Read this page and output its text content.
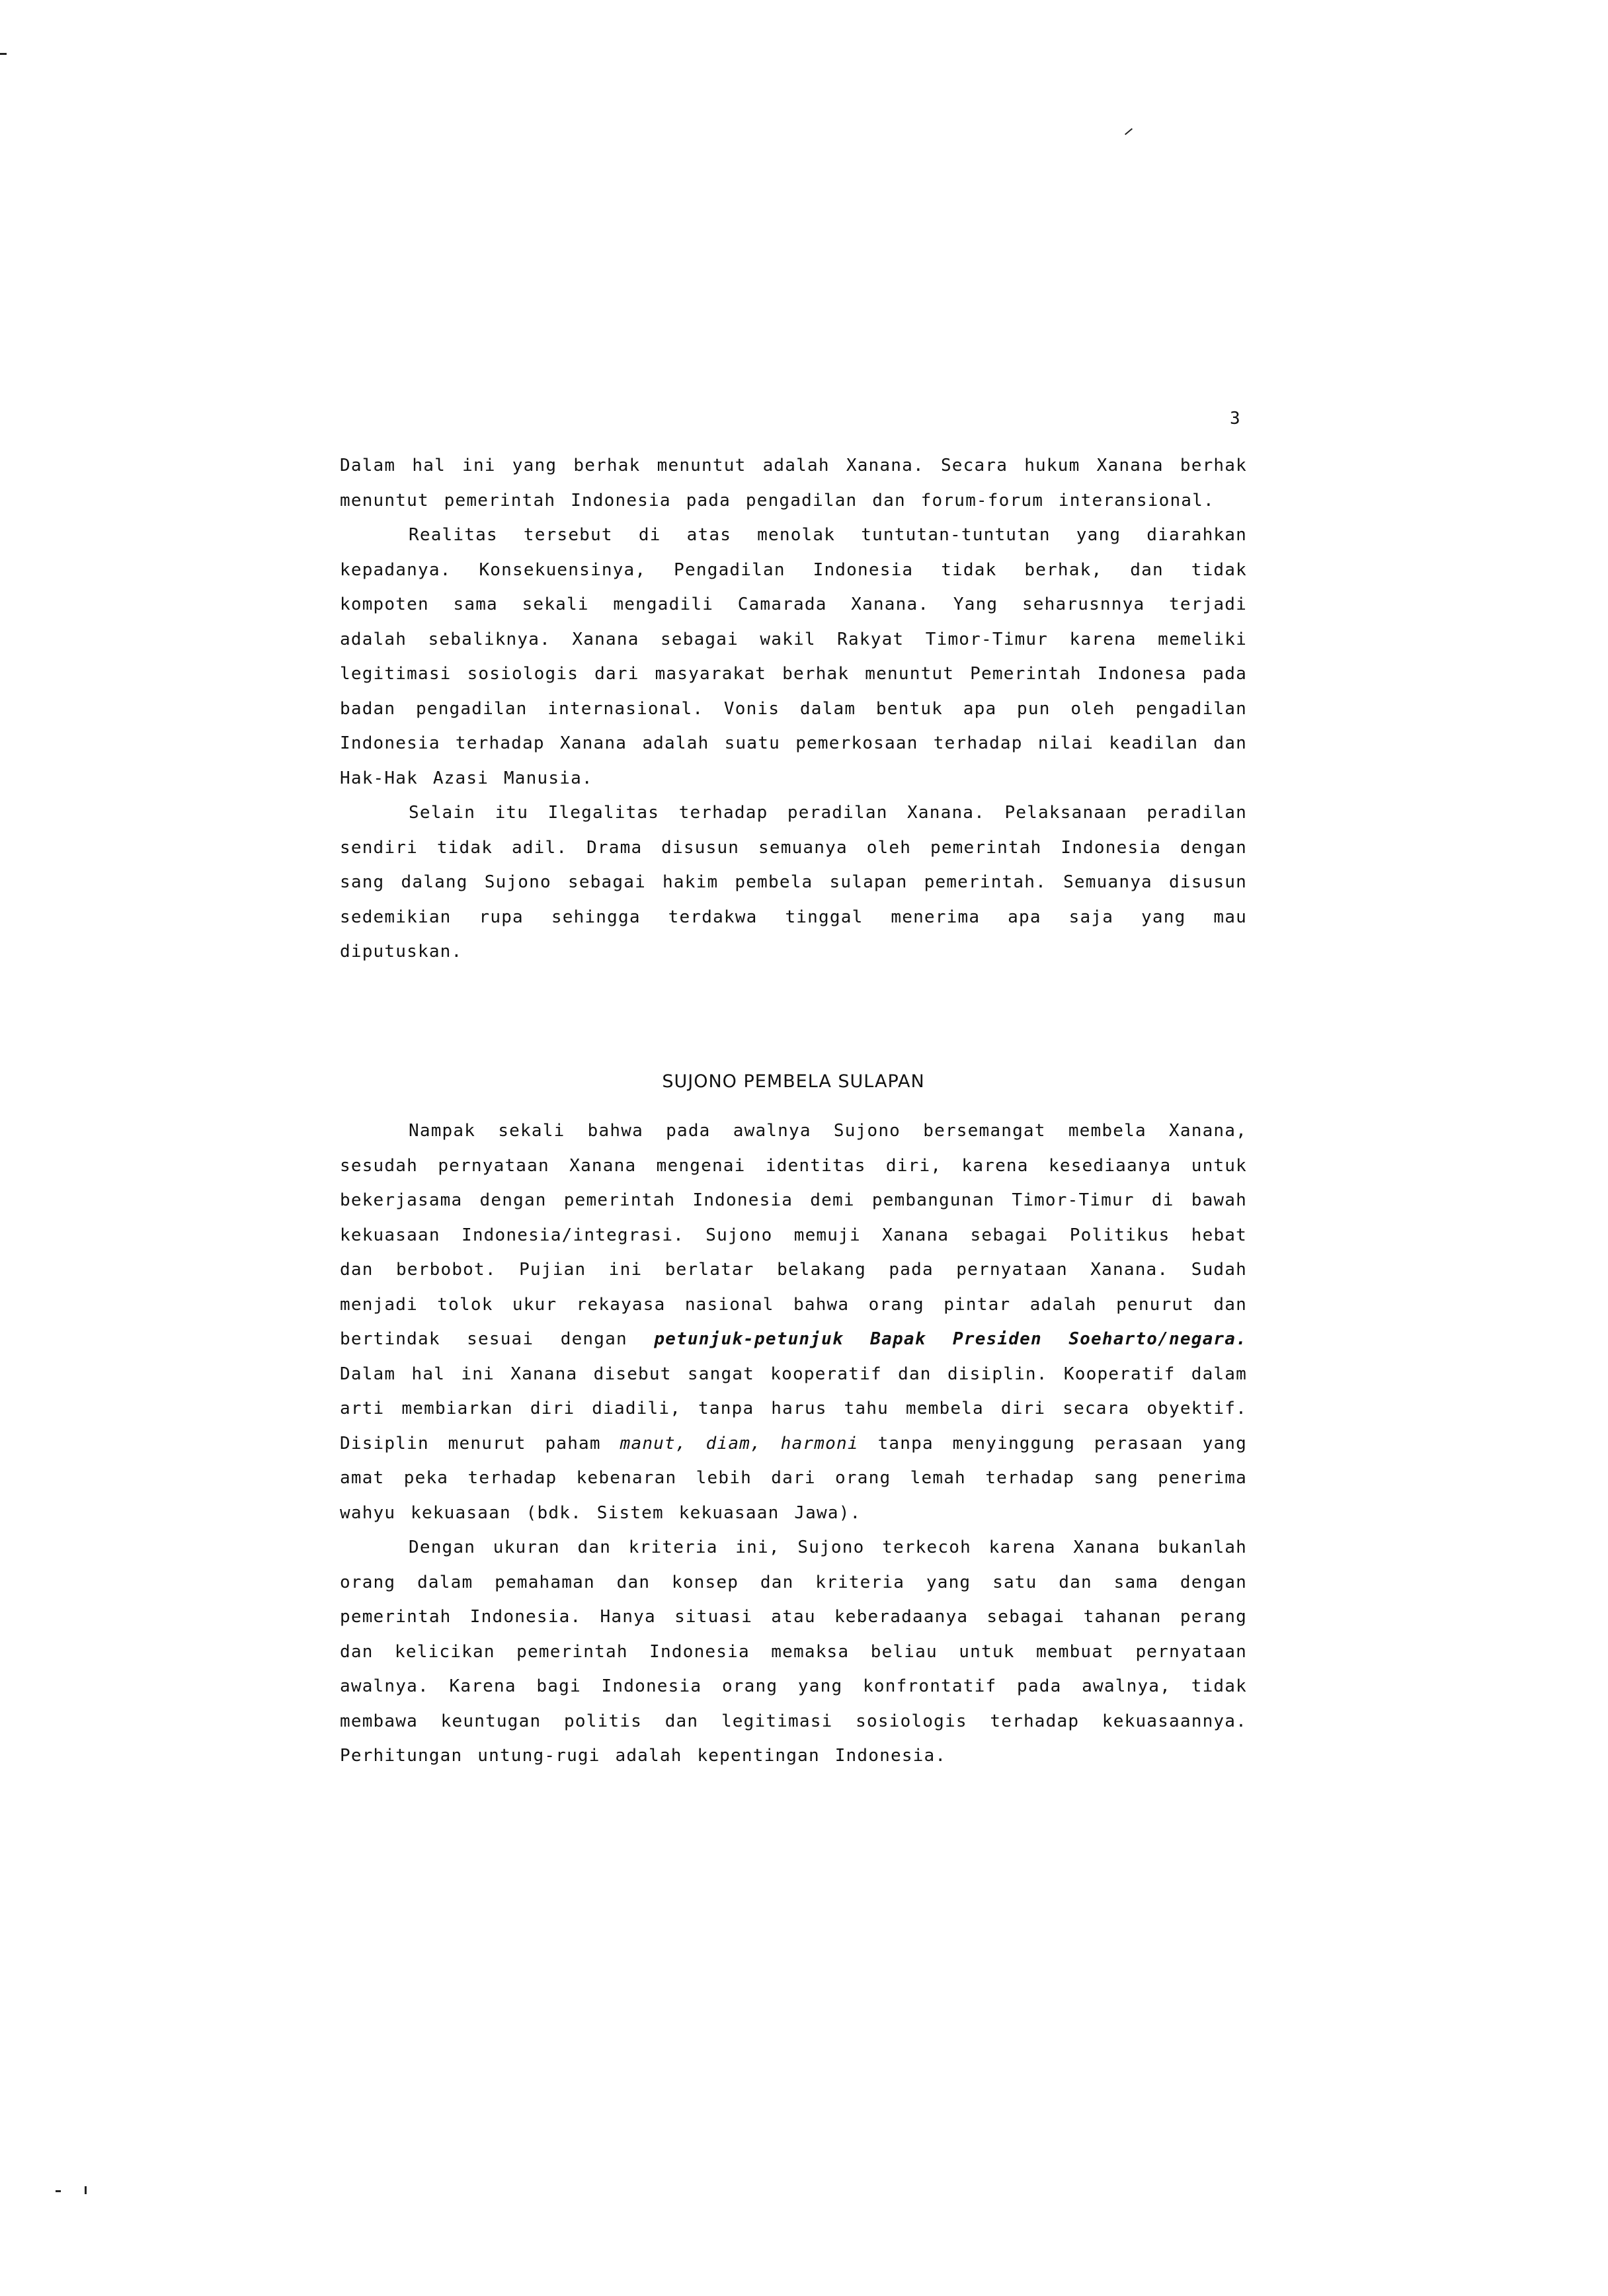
3

Dalam hal ini yang berhak menuntut adalah Xanana. Secara hukum Xanana berhak menuntut pemerintah Indonesia pada pengadilan dan forum-forum interansional.

Realitas tersebut di atas menolak tuntutan-tuntutan yang diarahkan kepadanya. Konsekuensinya, Pengadilan Indonesia tidak berhak, dan tidak kompoten sama sekali mengadili Camarada Xanana. Yang seharusnnya terjadi adalah sebaliknya. Xanana sebagai wakil Rakyat Timor-Timur karena memeliki legitimasi sosiologis dari masyarakat berhak menuntut Pemerintah Indonesa pada badan pengadilan internasional. Vonis dalam bentuk apa pun oleh pengadilan Indonesia terhadap Xanana adalah suatu pemerkosaan terhadap nilai keadilan dan Hak-Hak Azasi Manusia.

Selain itu Ilegalitas terhadap peradilan Xanana. Pelaksanaan peradilan sendiri tidak adil. Drama disusun semuanya oleh pemerintah Indonesia dengan sang dalang Sujono sebagai hakim pembela sulapan pemerintah. Semuanya disusun sedemikian rupa sehingga terdakwa tinggal menerima apa saja yang mau diputuskan.

SUJONO PEMBELA SULAPAN

Nampak sekali bahwa pada awalnya Sujono bersemangat membela Xanana, sesudah pernyataan Xanana mengenai identitas diri, karena kesediaanya untuk bekerjasama dengan pemerintah Indonesia demi pembangunan Timor-Timur di bawah kekuasaan Indonesia/integrasi. Sujono memuji Xanana sebagai Politikus hebat dan berbobot. Pujian ini berlatar belakang pada pernyataan Xanana. Sudah menjadi tolok ukur rekayasa nasional bahwa orang pintar adalah penurut dan bertindak sesuai dengan petunjuk-petunjuk Bapak Presiden Soeharto/negara. Dalam hal ini Xanana disebut sangat kooperatif dan disiplin. Kooperatif dalam arti membiarkan diri diadili, tanpa harus tahu membela diri secara obyektif. Disiplin menurut paham manut, diam, harmoni tanpa menyinggung perasaan yang amat peka terhadap kebenaran lebih dari orang lemah terhadap sang penerima wahyu kekuasaan (bdk. Sistem kekuasaan Jawa).

Dengan ukuran dan kriteria ini, Sujono terkecoh karena Xanana bukanlah orang dalam pemahaman dan konsep dan kriteria yang satu dan sama dengan pemerintah Indonesia. Hanya situasi atau keberadaanya sebagai tahanan perang dan kelicikan pemerintah Indonesia memaksa beliau untuk membuat pernyataan awalnya. Karena bagi Indonesia orang yang konfrontatif pada awalnya, tidak membawa keuntugan politis dan legitimasi sosiologis terhadap kekuasaannya. Perhitungan untung-rugi adalah kepentingan Indonesia.
